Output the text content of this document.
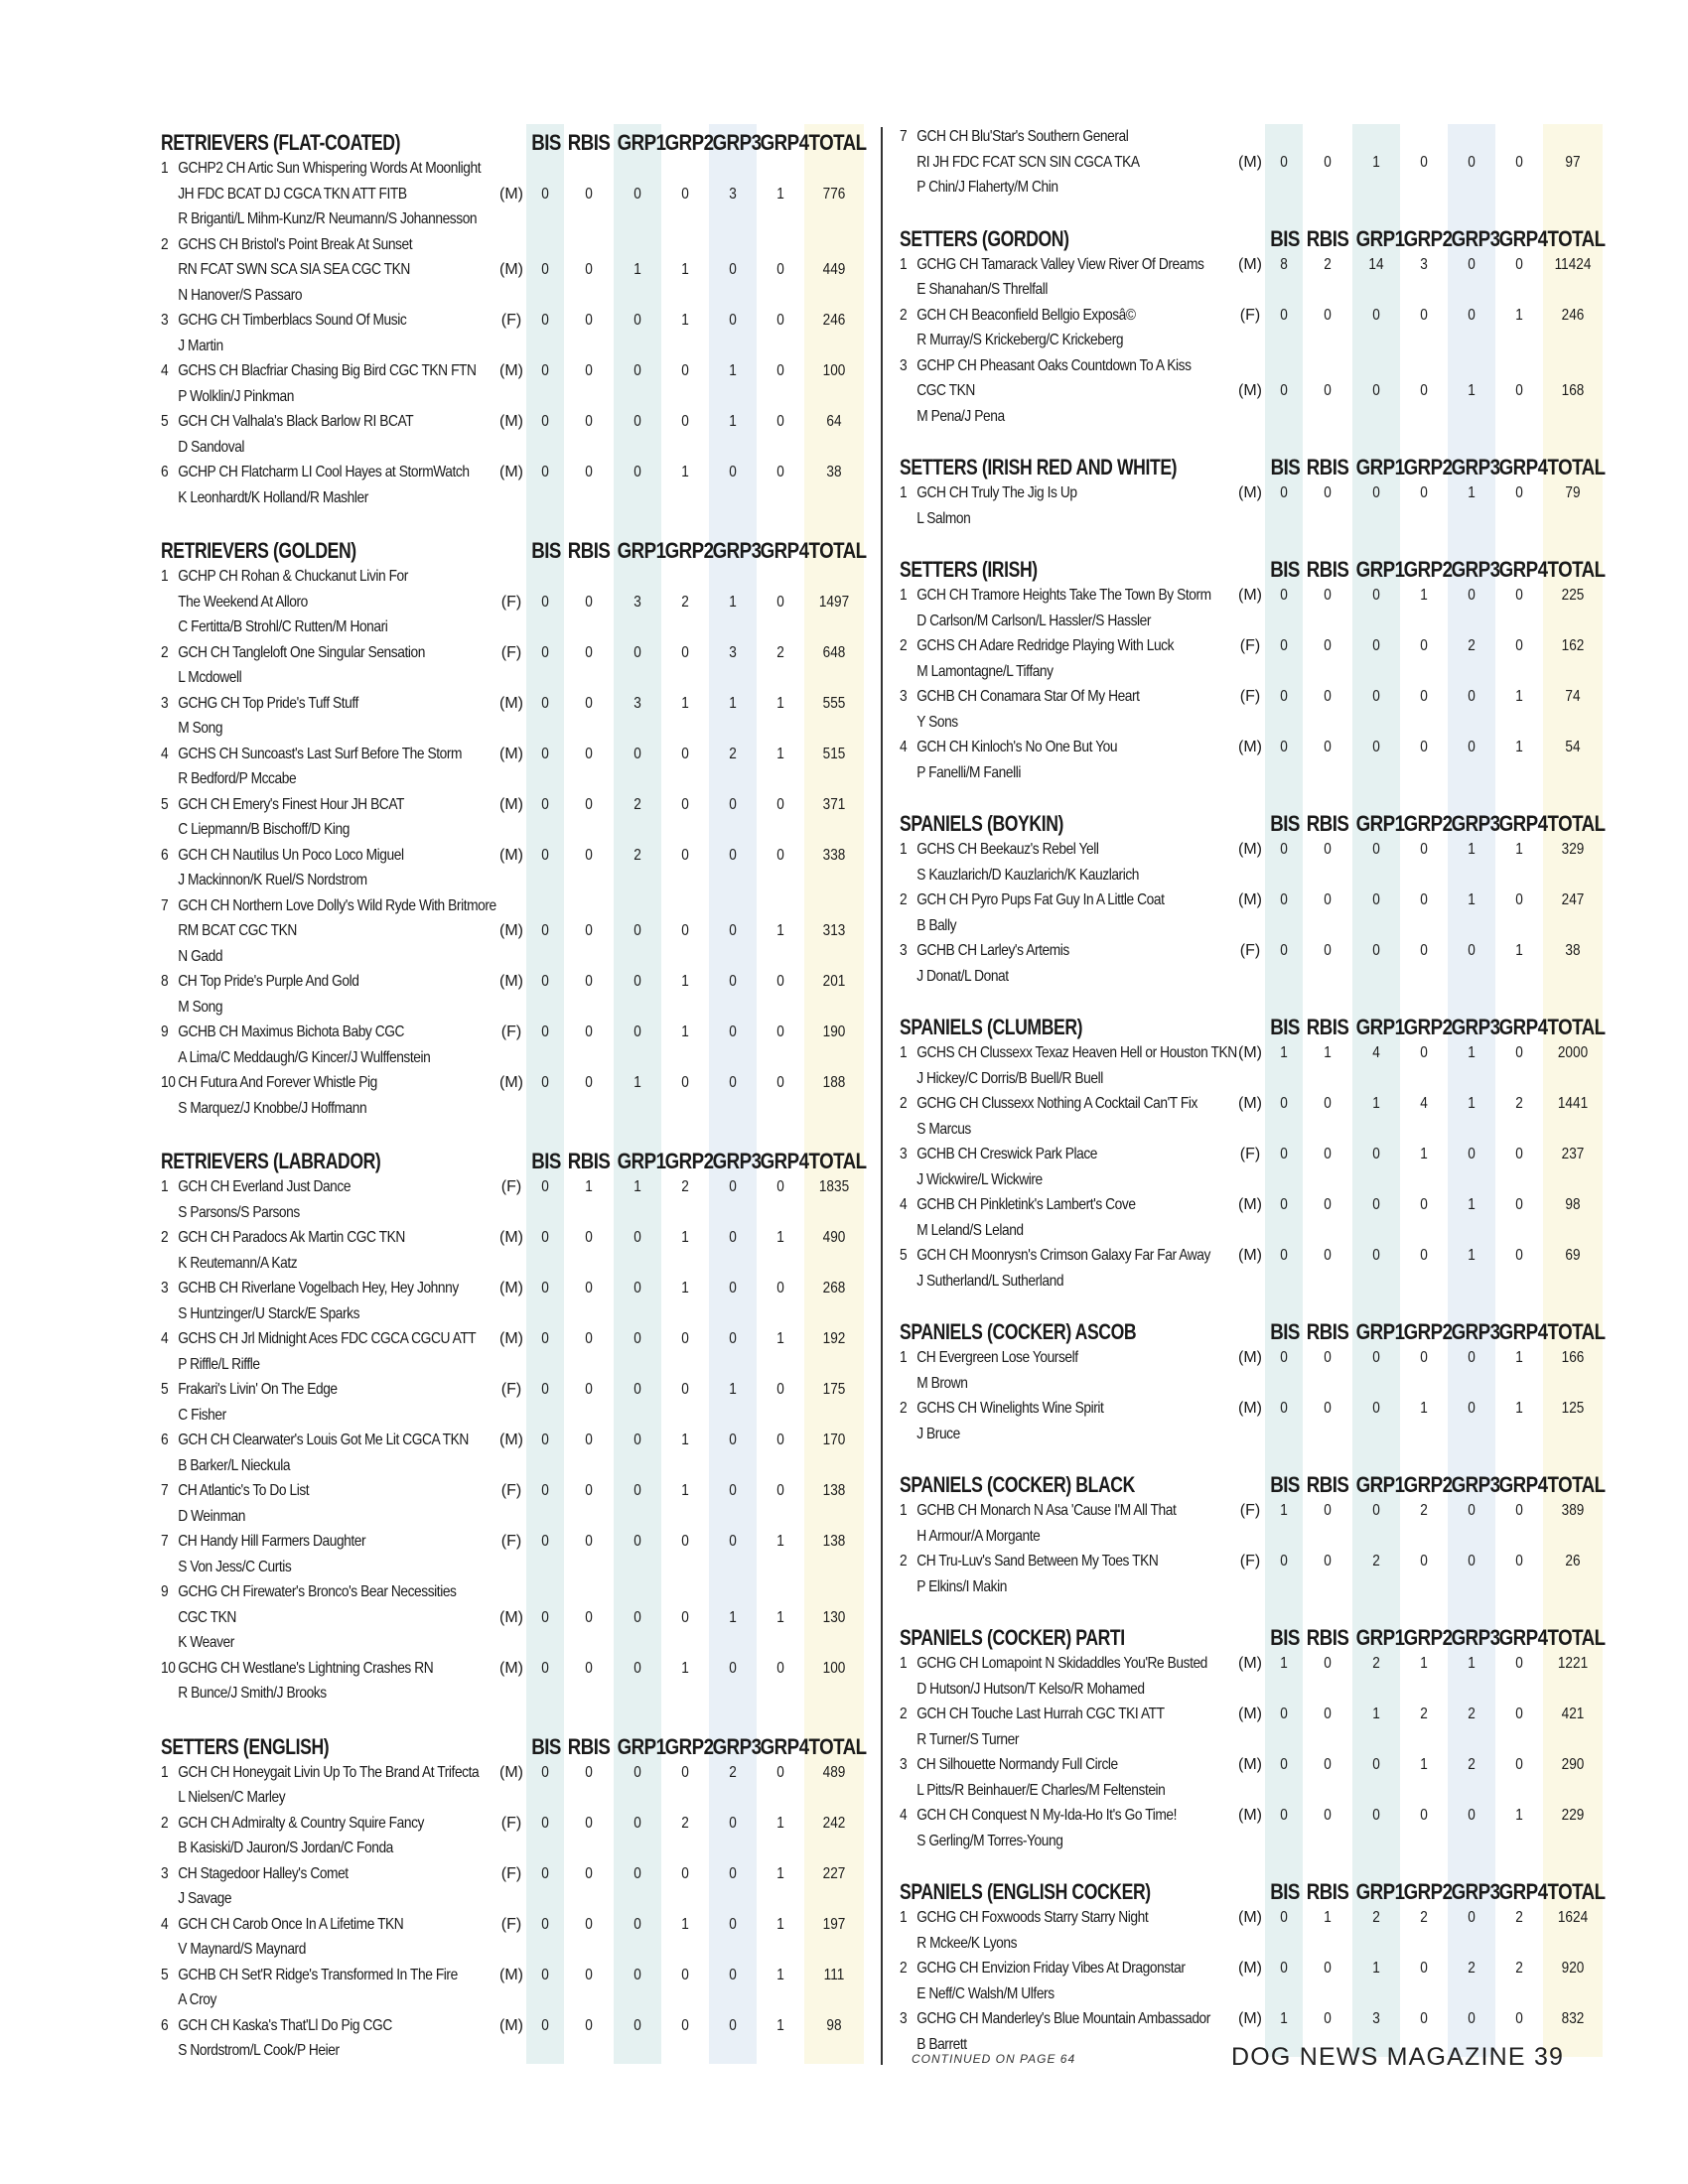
RETRIEVERS (FLAT-COATED)	BIS RBIS GRP1 GRP2 GRP3 GRP4 TOTAL
1 GCHP2 CH Artic Sun Whispering Words At Moonlight
JH FDC BCAT DJ CGCA TKN ATT FITB
R Briganti/L Mihm-Kunz/R Neumann/S Johannesson
(M)	0	0	0	0	3	1	776
2 GCHS CH Bristol's Point Break At Sunset
RN FCAT SWN SCA SIA SEA CGC TKN
N Hanover/S Passaro
(M)	0	0	1	1	0	0	449
3 GCHG CH Timberblacs Sound Of Music
J Martin
(F)	0	0	0	1	0	0	246
4 GCHS CH Blacfriar Chasing Big Bird CGC TKN FTN
P Wolklin/J Pinkman
(M)	0	0	0	0	1	0	100
5 GCH CH Valhala's Black Barlow RI BCAT
D Sandoval
(M)	0	0	0	0	1	0	64
6 GCHP CH Flatcharm LI Cool Hayes at StormWatch
K Leonhardt/K Holland/R Mashler
(M)	0	0	0	1	0	0	38
RETRIEVERS (GOLDEN)	BIS RBIS GRP1 GRP2 GRP3 GRP4 TOTAL
1 GCHP CH Rohan & Chuckanut Livin For
The Weekend At Alloro
C Fertitta/B Strohl/C Rutten/M Honari
(F)	0	0	3	2	1	0	1497
2 GCH CH Tangleloft One Singular Sensation
L Mcdowell
(F)	0	0	0	0	3	2	648
3 GCHG CH Top Pride's Tuff Stuff
M Song
(M)	0	0	3	1	1	1	555
4 GCHS CH Suncoast's Last Surf Before The Storm
R Bedford/P Mccabe
(M)	0	0	0	0	2	1	515
5 GCH CH Emery's Finest Hour JH BCAT
C Liepmann/B Bischoff/D King
(M)	0	0	2	0	0	0	371
6 GCH CH Nautilus Un Poco Loco Miguel
J Mackinnon/K Ruel/S Nordstrom
(M)	0	0	2	0	0	0	338
7 GCH CH Northern Love Dolly's Wild Ryde With Britmore
RM BCAT CGC TKN
N Gadd
(M)	0	0	0	0	0	1	313
8 CH Top Pride's Purple And Gold
M Song
(M)	0	0	0	1	0	0	201
9 GCHB CH Maximus Bichota Baby CGC
A Lima/C Meddaugh/G Kincer/J Wulffenstein
(F)	0	0	0	1	0	0	190
10 CH Futura And Forever Whistle Pig
S Marquez/J Knobbe/J Hoffmann
(M)	0	0	1	0	0	0	188
RETRIEVERS (LABRADOR)	BIS RBIS GRP1 GRP2 GRP3 GRP4 TOTAL
1 GCH CH Everland Just Dance
S Parsons/S Parsons
(F)	0	1	1	2	0	0	1835
2 GCH CH Paradocs Ak Martin CGC TKN
K Reutemann/A Katz
(M)	0	0	0	1	0	1	490
3 GCHB CH Riverlane Vogelbach Hey, Hey Johnny
S Huntzinger/U Starck/E Sparks
(M)	0	0	0	1	0	0	268
4 GCHS CH Jrl Midnight Aces FDC CGCA CGCU ATT
P Riffle/L Riffle
(M)	0	0	0	0	0	1	192
5 Frakari's Livin' On The Edge
C Fisher
(F)	0	0	0	0	1	0	175
6 GCH CH Clearwater's Louis Got Me Lit CGCA TKN
B Barker/L Nieckula
(M)	0	0	0	1	0	0	170
7 CH Atlantic's To Do List
D Weinman
(F)	0	0	0	1	0	0	138
7 CH Handy Hill Farmers Daughter
S Von Jess/C Curtis
(F)	0	0	0	0	0	1	138
9 GCHG CH Firewater's Bronco's Bear Necessities
CGC TKN
K Weaver
(M)	0	0	0	0	1	1	130
10 GCHG CH Westlane's Lightning Crashes RN
R Bunce/J Smith/J Brooks
(M)	0	0	0	1	0	0	100
SETTERS (ENGLISH)	BIS RBIS GRP1 GRP2 GRP3 GRP4 TOTAL
1 GCH CH Honeygait Livin Up To The Brand At Trifecta
L Nielsen/C Marley
(M)	0	0	0	0	2	0	489
2 GCH CH Admiralty & Country Squire Fancy
B Kasiski/D Jauron/S Jordan/C Fonda
(F)	0	0	0	2	0	1	242
3 CH Stagedoor Halley's Comet
J Savage
(F)	0	0	0	0	0	1	227
4 GCH CH Carob Once In A Lifetime TKN
V Maynard/S Maynard
(F)	0	0	0	1	0	1	197
5 GCHB CH Set'R Ridge's Transformed In The Fire
A Croy
(M)	0	0	0	0	0	1	111
6 GCH CH Kaska's That'Ll Do Pig CGC
S Nordstrom/L Cook/P Heier
(M)	0	0	0	0	0	1	98
7 GCH CH Blu'Star's Southern General
RI JH FDC FCAT SCN SIN CGCA TKA
P Chin/J Flaherty/M Chin
(M)	0	0	1	0	0	0	97
SETTERS (GORDON)	BIS RBIS GRP1 GRP2 GRP3 GRP4 TOTAL
1 GCHG CH Tamarack Valley View River Of Dreams
E Shanahan/S Threlfall
(M)	8	2	14	3	0	0	11424
2 GCH CH Beaconfield Bellgio Exposâ©
R Murray/S Krickeberg/C Krickeberg
(F)	0	0	0	0	0	1	246
3 GCHP CH Pheasant Oaks Countdown To A Kiss
CGC TKN
M Pena/J Pena
(M)	0	0	0	0	1	0	168
SETTERS (IRISH RED AND WHITE)	BIS RBIS GRP1 GRP2 GRP3 GRP4 TOTAL
1 GCH CH Truly The Jig Is Up
L Salmon
(M)	0	0	0	0	1	0	79
SETTERS (IRISH)	BIS RBIS GRP1 GRP2 GRP3 GRP4 TOTAL
1 GCH CH Tramore Heights Take The Town By Storm
D Carlson/M Carlson/L Hassler/S Hassler
(M)	0	0	0	1	0	0	225
2 GCHS CH Adare Redridge Playing With Luck
M Lamontagne/L Tiffany
(F)	0	0	0	0	2	0	162
3 GCHB CH Conamara Star Of My Heart
Y Sons
(F)	0	0	0	0	0	1	74
4 GCH CH Kinloch's No One But You
P Fanelli/M Fanelli
(M)	0	0	0	0	0	1	54
SPANIELS (BOYKIN)	BIS RBIS GRP1 GRP2 GRP3 GRP4 TOTAL
1 GCHS CH Beekauz's Rebel Yell
S Kauzlarich/D Kauzlarich/K Kauzlarich
(M)	0	0	0	0	1	1	329
2 GCH CH Pyro Pups Fat Guy In A Little Coat
B Bally
(M)	0	0	0	0	1	0	247
3 GCHB CH Larley's Artemis
J Donat/L Donat
(F)	0	0	0	0	0	1	38
SPANIELS (CLUMBER)	BIS RBIS GRP1 GRP2 GRP3 GRP4 TOTAL
1 GCHS CH Clussexx Texaz Heaven Hell or Houston TKN
J Hickey/C Dorris/B Buell/R Buell
(M)	1	1	4	0	1	0	2000
2 GCHG CH Clussexx Nothing A Cocktail Can'T Fix
S Marcus
(M)	0	0	1	4	1	2	1441
3 GCHB CH Creswick Park Place
J Wickwire/L Wickwire
(F)	0	0	0	1	0	0	237
4 GCHB CH Pinkletink's Lambert's Cove
M Leland/S Leland
(M)	0	0	0	0	1	0	98
5 GCH CH Moonrysn's Crimson Galaxy Far Far Away
J Sutherland/L Sutherland
(M)	0	0	0	0	1	0	69
SPANIELS (COCKER) ASCOB	BIS RBIS GRP1 GRP2 GRP3 GRP4 TOTAL
1 CH Evergreen Lose Yourself
M Brown
(M)	0	0	0	0	0	1	166
2 GCHS CH Winelights Wine Spirit
J Bruce
(M)	0	0	0	1	0	1	125
SPANIELS (COCKER) BLACK	BIS RBIS GRP1 GRP2 GRP3 GRP4 TOTAL
1 GCHB CH Monarch N Asa 'Cause I'M All That
H Armour/A Morgante
(F)	1	0	0	2	0	0	389
2 CH Tru-Luv's Sand Between My Toes TKN
P Elkins/I Makin
(F)	0	0	2	0	0	0	26
SPANIELS (COCKER) PARTI	BIS RBIS GRP1 GRP2 GRP3 GRP4 TOTAL
1 GCHG CH Lomapoint N Skidaddles You'Re Busted
D Hutson/J Hutson/T Kelso/R Mohamed
(M)	1	0	2	1	1	0	1221
2 GCH CH Touche Last Hurrah CGC TKI ATT
R Turner/S Turner
(M)	0	0	1	2	2	0	421
3 CH Silhouette Normandy Full Circle
L Pitts/R Beinhauer/E Charles/M Feltenstein
(M)	0	0	0	1	2	0	290
4 GCH CH Conquest N My-Ida-Ho It's Go Time!
S Gerling/M Torres-Young
(M)	0	0	0	0	0	1	229
SPANIELS (ENGLISH COCKER)	BIS RBIS GRP1 GRP2 GRP3 GRP4 TOTAL
1 GCHG CH Foxwoods Starry Starry Night
R Mckee/K Lyons
(M)	0	1	2	2	0	2	1624
2 GCHG CH Envizion Friday Vibes At Dragonstar
E Neff/C Walsh/M Ulfers
(M)	0	0	1	0	2	2	920
3 GCHG CH Manderley's Blue Mountain Ambassador
B Barrett
(M)	1	0	3	0	0	0	832
CONTINUED ON PAGE 64	DOG NEWS MAGAZINE 39
